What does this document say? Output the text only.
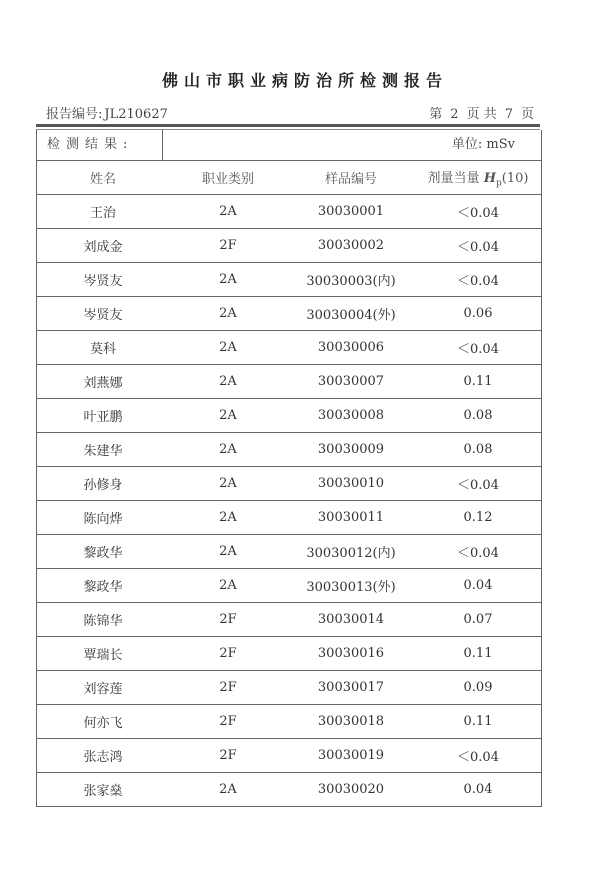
佛山市职业病防治所检测报告
报告编号: JL210627	第 2 页 共 7 页
检测结果:	单位: mSv
姓名	职业类别	样品编号	剂量当量 $H_p(10)$
王治	2A	30030001	＜0.04
刘成金	2F	30030002	＜0.04
岑贤友	2A	30030003(内)	＜0.04
岑贤友	2A	30030004(外)	0.06
莫科	2A	30030006	＜0.04
刘燕娜	2A	30030007	0.11
叶亚鹏	2A	30030008	0.08
朱建华	2A	30030009	0.08
孙修身	2A	30030010	＜0.04
陈向烨	2A	30030011	0.12
黎政华	2A	30030012(内)	＜0.04
黎政华	2A	30030013(外)	0.04
陈锦华	2F	30030014	0.07
覃瑞长	2F	30030016	0.11
刘容莲	2F	30030017	0.09
何亦飞	2F	30030018	0.11
张志鸿	2F	30030019	＜0.04
张家燊	2A	30030020	0.04
